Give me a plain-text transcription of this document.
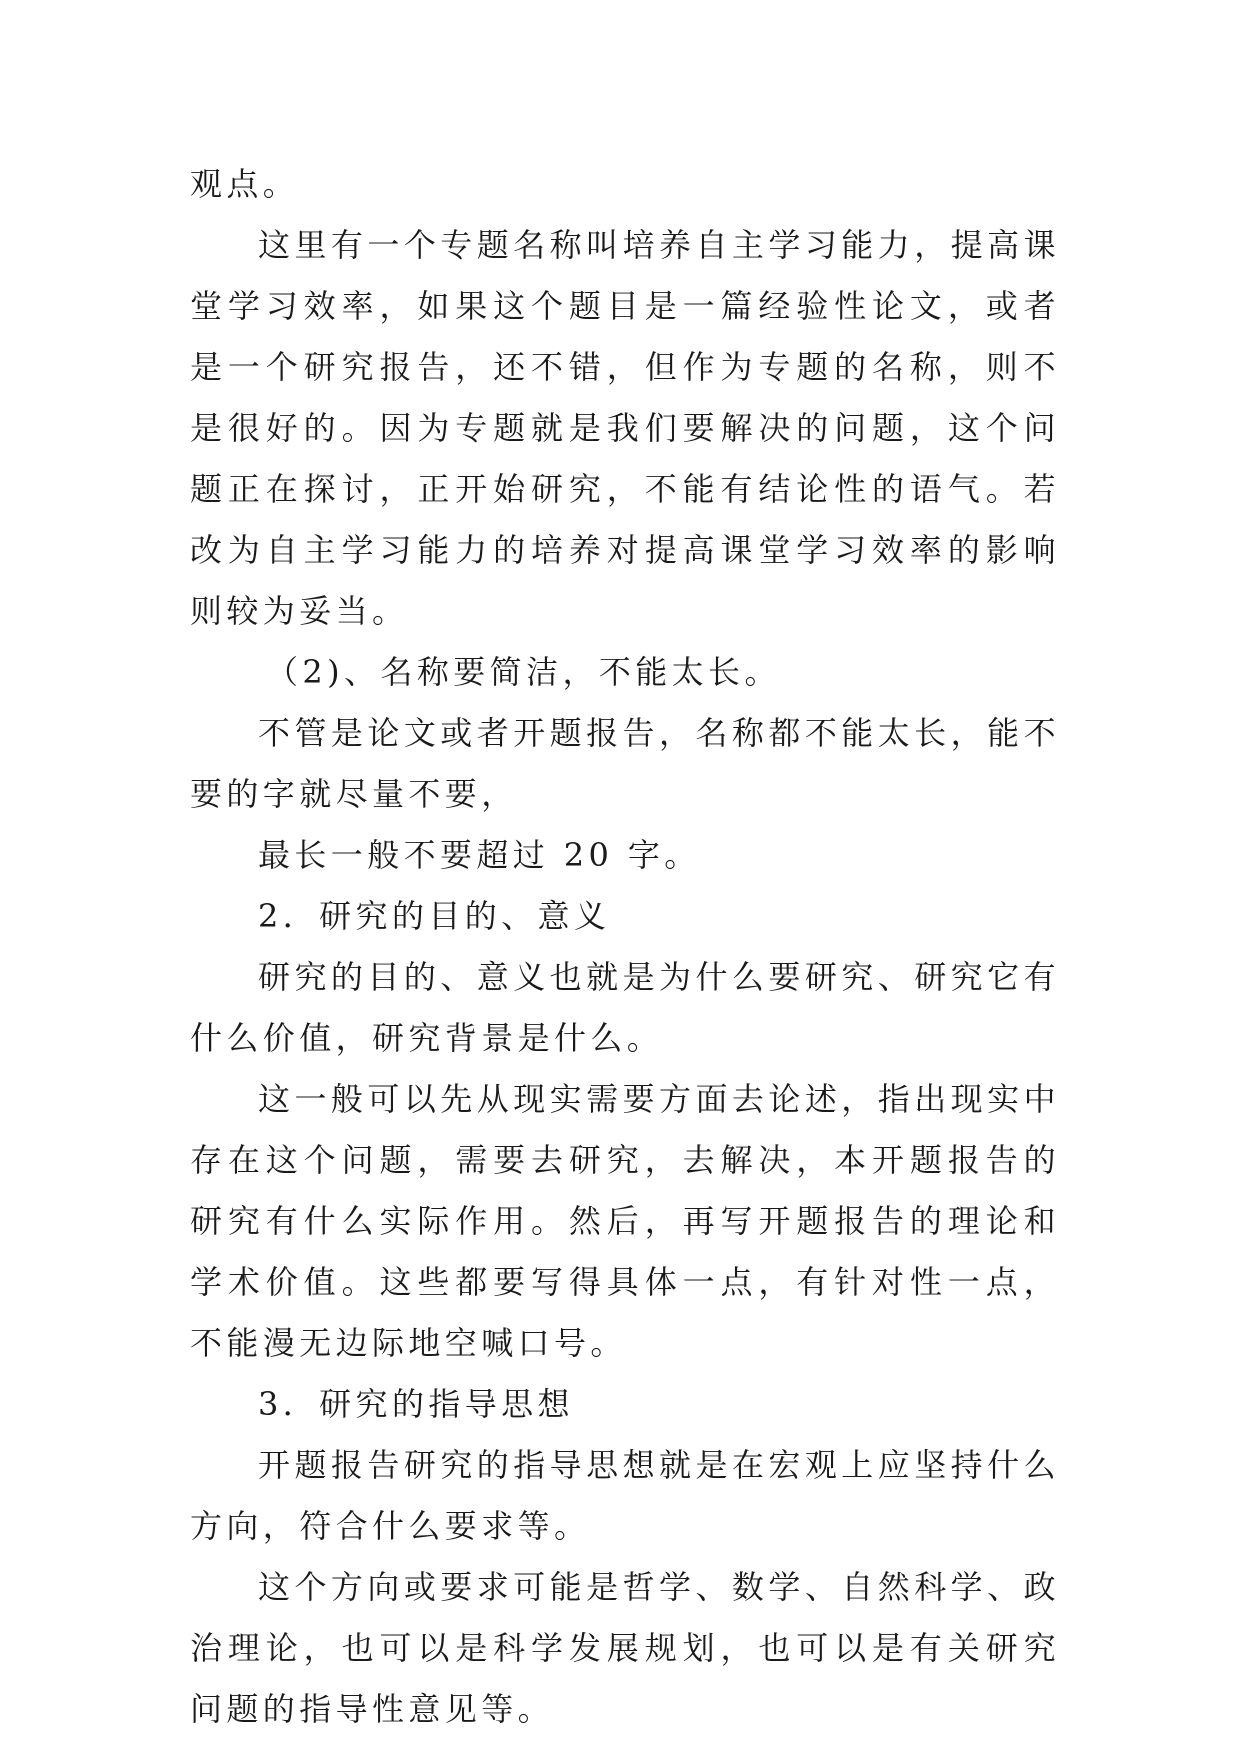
观点。

这里有一个专题名称叫培养自主学习能力，提高课堂学习效率，如果这个题目是一篇经验性论文，或者是一个研究报告，还不错，但作为专题的名称，则不是很好的。因为专题就是我们要解决的问题，这个问题正在探讨，正开始研究，不能有结论性的语气。若改为自主学习能力的培养对提高课堂学习效率的影响则较为妥当。

（2)、名称要简洁，不能太长。

不管是论文或者开题报告，名称都不能太长，能不要的字就尽量不要，

最长一般不要超过 20 字。

2．研究的目的、意义

研究的目的、意义也就是为什么要研究、研究它有什么价值，研究背景是什么。

这一般可以先从现实需要方面去论述，指出现实中存在这个问题，需要去研究，去解决，本开题报告的研究有什么实际作用。然后，再写开题报告的理论和学术价值。这些都要写得具体一点，有针对性一点，不能漫无边际地空喊口号。

3．研究的指导思想

开题报告研究的指导思想就是在宏观上应坚持什么方向，符合什么要求等。

这个方向或要求可能是哲学、数学、自然科学、政治理论，也可以是科学发展规划，也可以是有关研究问题的指导性意见等。
